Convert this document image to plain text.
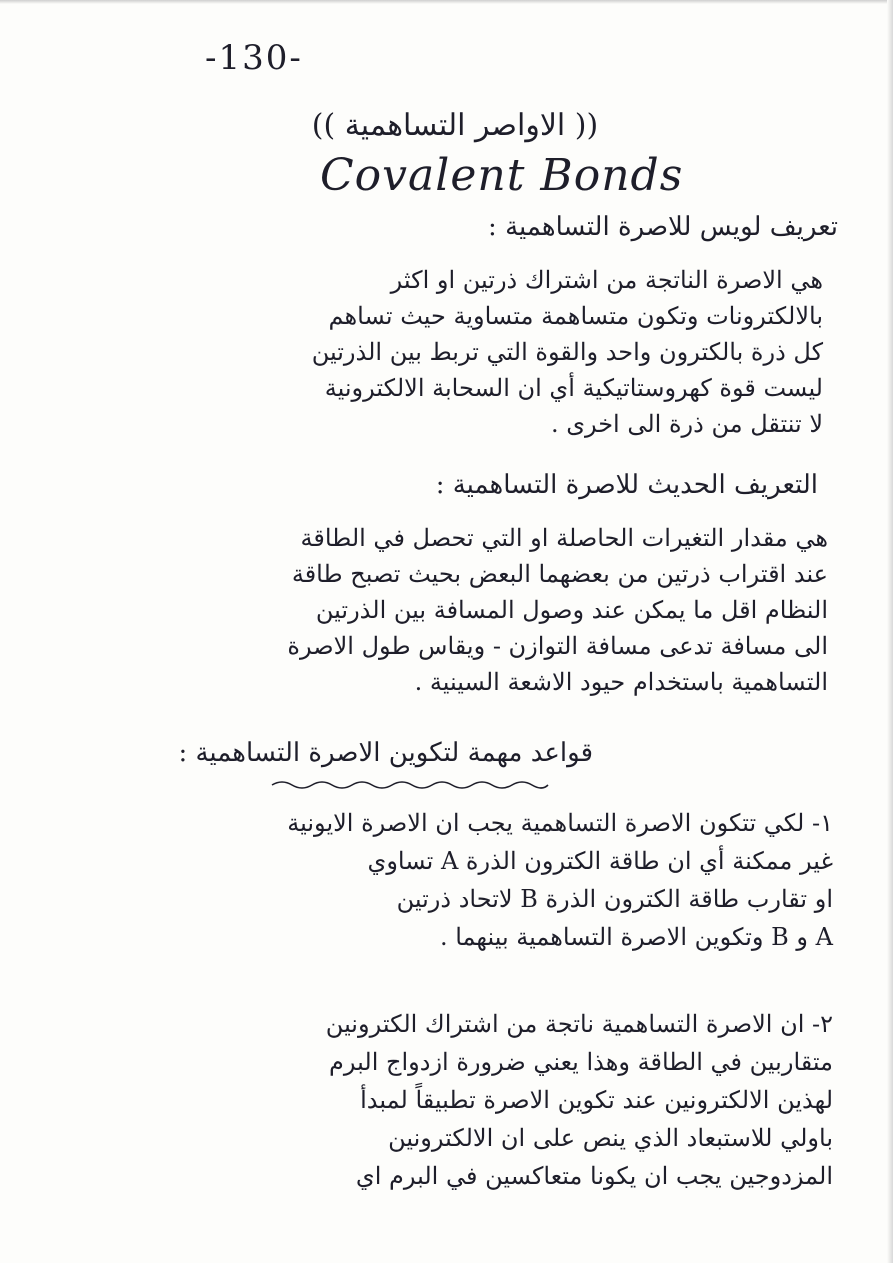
-130-
(( الاواصر التساهمية ))
Covalent Bonds
تعريف لويس للاصرة التساهمية :
هي الاصرة الناتجة من اشتراك ذرتين او اكثر
بالالكترونات وتكون متساهمة متساوية حيث تساهم
كل ذرة بالكترون واحد والقوة التي تربط بين الذرتين
ليست قوة كهروستاتيكية أي ان السحابة الالكترونية
لا تنتقل من ذرة الى اخرى .
التعريف الحديث للاصرة التساهمية :
هي مقدار التغيرات الحاصلة او التي تحصل في الطاقة
عند اقتراب ذرتين من بعضهما البعض بحيث تصبح طاقة
النظام اقل ما يمكن عند وصول المسافة بين الذرتين
الى مسافة تدعى مسافة التوازن - ويقاس طول الاصرة
التساهمية باستخدام حيود الاشعة السينية .
قواعد مهمة لتكوين الاصرة التساهمية :
١- لكي تتكون الاصرة التساهمية يجب ان الاصرة الايونية
غير ممكنة أي ان طاقة الكترون الذرة A تساوي
او تقارب طاقة الكترون الذرة B لاتحاد ذرتين
A و B وتكوين الاصرة التساهمية بينهما .
٢- ان الاصرة التساهمية ناتجة من اشتراك الكترونين
متقاربين في الطاقة وهذا يعني ضرورة ازدواج البرم
لهذين الالكترونين عند تكوين الاصرة تطبيقاً لمبدأ
باولي للاستبعاد الذي ينص على ان الالكترونين
المزدوجين يجب ان يكونا متعاكسين في البرم اي
